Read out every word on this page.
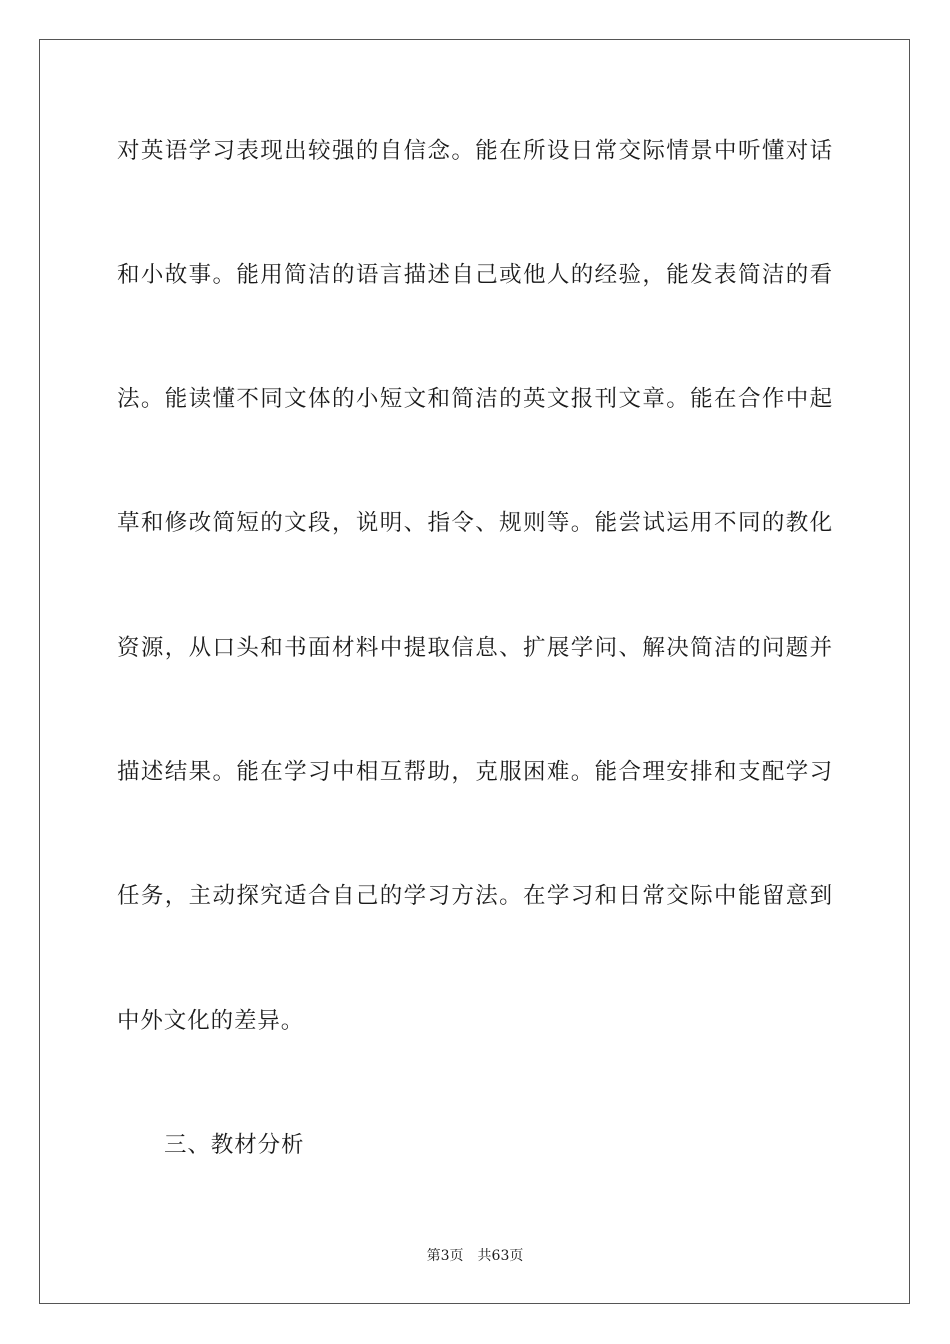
对英语学习表现出较强的自信念。能在所设日常交际情景中听懂对话
和小故事。能用简洁的语言描述自己或他人的经验，能发表简洁的看
法。能读懂不同文体的小短文和简洁的英文报刊文章。能在合作中起
草和修改简短的文段，说明、指令、规则等。能尝试运用不同的教化
资源，从口头和书面材料中提取信息、扩展学问、解决简洁的问题并
描述结果。能在学习中相互帮助，克服困难。能合理安排和支配学习
任务，主动探究适合自己的学习方法。在学习和日常交际中能留意到
中外文化的差异。
三、教材分析
第3页 共63页
